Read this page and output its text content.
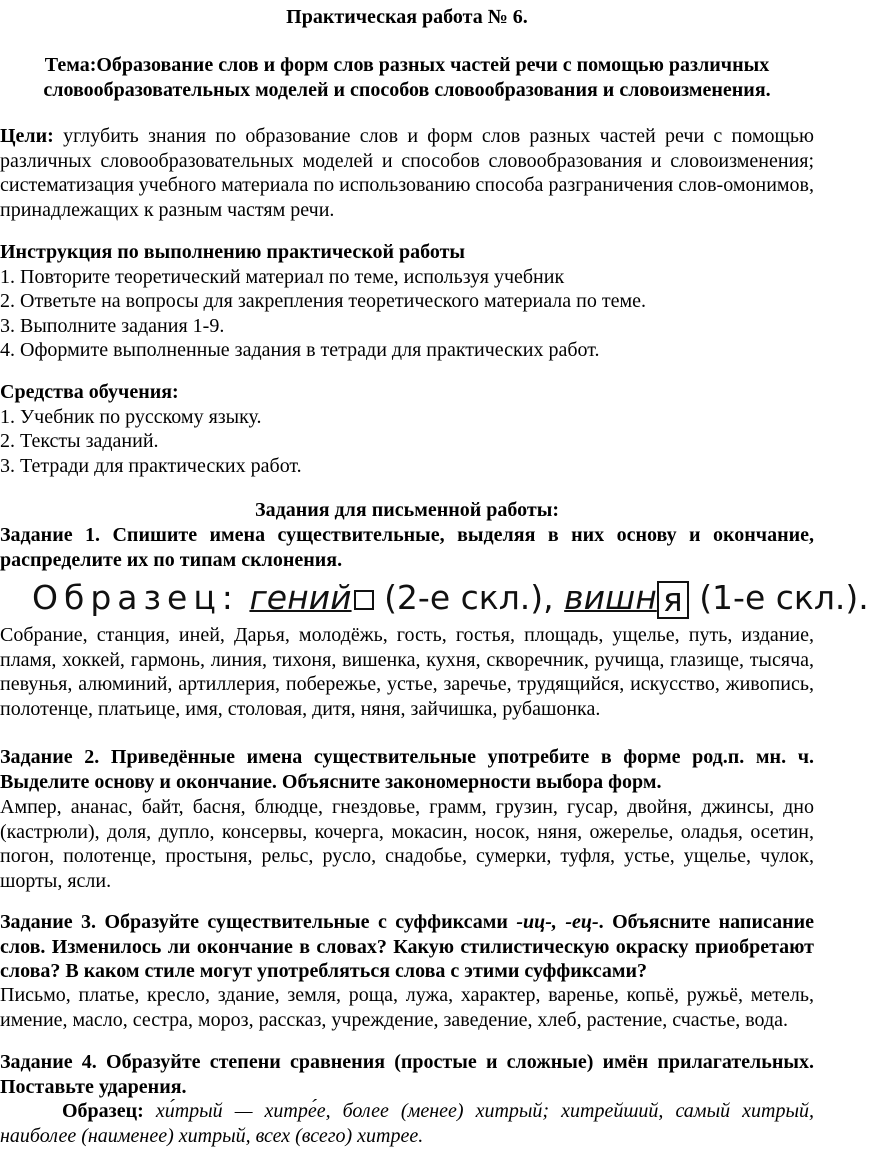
Практическая работа № 6.
Тема:Образование слов и форм слов разных частей речи с помощью различных
словообразовательных моделей и способов словообразования и словоизменения.
Цели: углубить знания по образование слов и форм слов разных частей речи с помощью различных словообразовательных моделей и способов словообразования и словоизменения; систематизация учебного материала по использованию способа разграничения слов-омонимов, принадлежащих к разным частям речи.
Инструкция по выполнению практической работы
1. Повторите теоретический материал по теме, используя учебник
2. Ответьте на вопросы для закрепления теоретического материала по теме.
3. Выполните задания 1-9.
4. Оформите выполненные задания в тетради для практических работ.
Средства обучения:
1. Учебник по русскому языку.
2. Тексты заданий.
3. Тетради для практических работ.
Задания для письменной работы:
Задание 1. Спишите имена существительные, выделяя в них основу и окончание,
распределите их по типам склонения.
Образец: гений (2-е скл.), вишн я (1-е скл.).
Собрание, станция, иней, Дарья, молодёжь, гость, гостья, площадь, ущелье, путь, издание, пламя, хоккей, гармонь, линия, тихоня, вишенка, кухня, скворечник, ручища, глазище, тысяча, певунья, алюминий, артиллерия, побережье, устье, заречье, трудящийся, искусство, живопись, полотенце, платьице, имя, столовая, дитя, няня, зайчишка, рубашонка.
Задание 2. Приведённые имена существительные употребите в форме род.п. мн. ч.
Выделите основу и окончание. Объясните закономерности выбора форм.
Ампер, ананас, байт, басня, блюдце, гнездовье, грамм, грузин, гусар, двойня, джинсы, дно (кастрюли), доля, дупло, консервы, кочерга, мокасин, носок, няня, ожерелье, оладья, осетин, погон, полотенце, простыня, рельс, русло, снадобье, сумерки, туфля, устье, ущелье, чулок, шорты, ясли.
Задание 3. Образуйте существительные с суффиксами -иц-, -ец-. Объясните написание слов. Изменилось ли окончание в словах? Какую стилистическую окраску приобретают слова? В каком стиле могут употребляться слова с этими суффиксами?
Письмо, платье, кресло, здание, земля, роща, лужа, характер, варенье, копьё, ружьё, метель, имение, масло, сестра, мороз, рассказ, учреждение, заведение, хлеб, растение, счастье, вода.
Задание 4. Образуйте степени сравнения (простые и сложные) имён прилагательных.
Поставьте ударения.
Образец: хи́трый — хитре́е, более (менее) хитрый; хитрейший, самый хитрый, наиболее (наименее) хитрый, всех (всего) хитрее.
